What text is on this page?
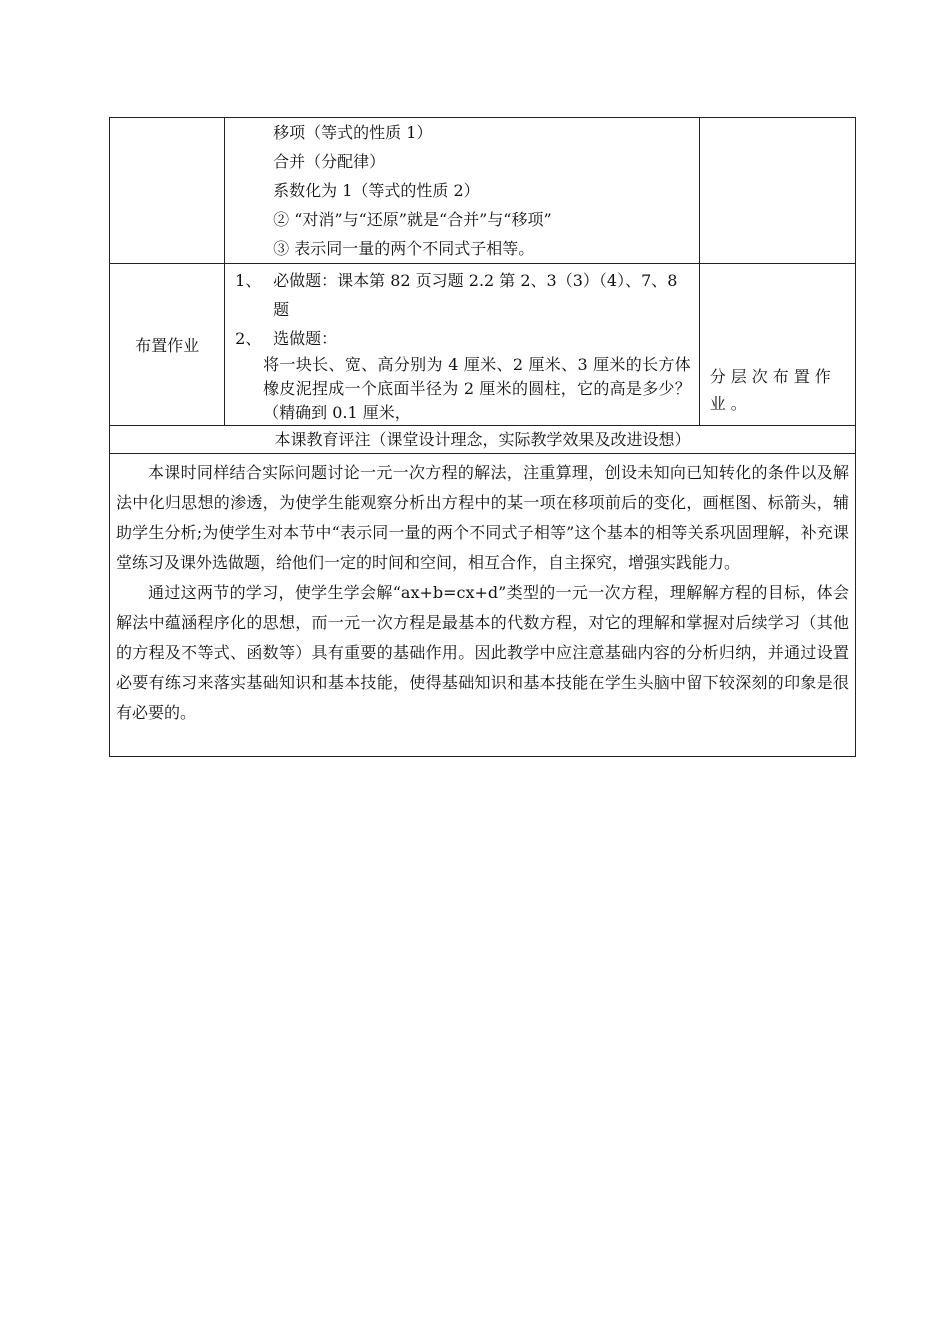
	移项（等式的性质 1）
合并（分配律）
系数化为 1（等式的性质 2）
② “对消”与“还原”就是“合并”与“移项”
③ 表示同一量的两个不同式子相等。	

布置作业	1、 必做题：课本第 82 页习题 2.2 第 2、3（3）（4）、7、8 题
2、 选做题：
将一块长、宽、高分别为 4 厘米、2 厘米、3 厘米的长方体橡皮泥捏成一个底面半径为 2 厘米的圆柱，它的高是多少？（精确到 0.1 厘米，	分层次布置作业。

本课教育评注（课堂设计理念，实际教学效果及改进设想）		

本课时同样结合实际问题讨论一元一次方程的解法，注重算理，创设未知向已知转化的条件以及解法中化归思想的渗透，为使学生能观察分析出方程中的某一项在移项前后的变化，画框图、标箭头，辅助学生分析;为使学生对本节中“表示同一量的两个不同式子相等”这个基本的相等关系巩固理解，补充课堂练习及课外选做题，给他们一定的时间和空间，相互合作，自主探究，增强实践能力。
通过这两节的学习，使学生学会解“ax+b=cx+d”类型的一元一次方程，理解解方程的目标，体会解法中蕴涵程序化的思想，而一元一次方程是最基本的代数方程，对它的理解和掌握对后续学习（其他的方程及不等式、函数等）具有重要的基础作用。因此教学中应注意基础内容的分析归纳，并通过设置必要有练习来落实基础知识和基本技能，使得基础知识和基本技能在学生头脑中留下较深刻的印象是很有必要的。		
